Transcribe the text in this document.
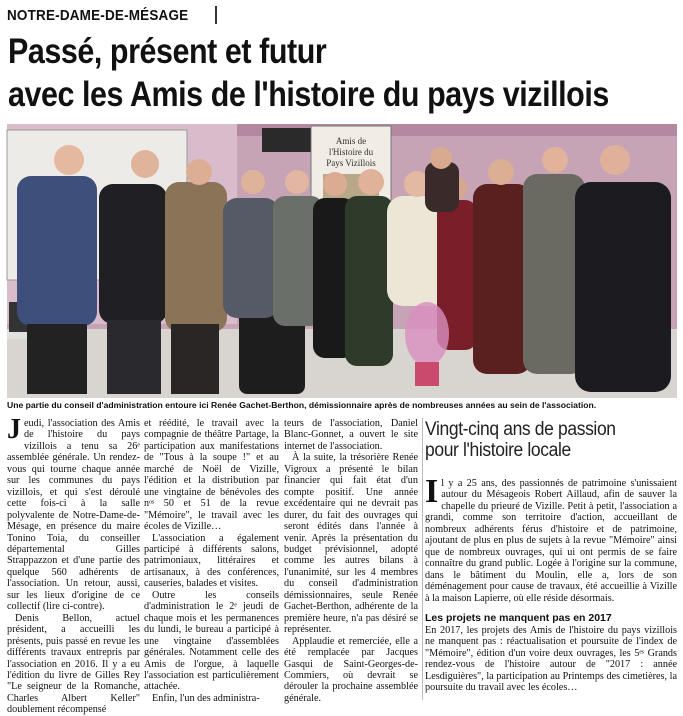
NOTRE-DAME-DE-MÉSAGE
Passé, présent et futur
avec les Amis de l'histoire du pays vizillois
Amis de
l'Histoire du
Pays Vizillois
Une partie du conseil d'administration entoure ici Renée Gachet-Berthon, démissionnaire après de nombreuses années au sein de l'association.

Jeudi, l'association des Amis de l'histoire du pays vizillois a tenu sa 26ᵉ assemblée générale. Un rendez-vous qui tourne chaque année sur les communes du pays vizillois, et qui s'est déroulé cette fois-ci à la salle polyvalente de Notre-Dame-de-Mésage, en présence du maire Tonino Toia, du conseiller départemental Gilles Strappazzon et d'une partie des quelque 560 adhérents de l'association. Un retour, aussi, sur les lieux d'origine de ce collectif (lire ci-contre).

Denis Bellon, actuel président, a accueilli les présents, puis passé en revue les différents travaux entrepris par l'association en 2016. Il y a eu l'édition du livre de Gilles Rey "Le seigneur de la Romanche, Charles Albert Keller" doublement récompensé

et réédité, le travail avec la compagnie de théâtre Partage, la participation aux manifestations de "Tous à la soupe !" et au marché de Noël de Vizille, l'édition et la distribution par une vingtaine de bénévoles des nᵒˢ 50 et 51 de la revue "Mémoire", le travail avec les écoles de Vizille…

L'association a également participé à différents salons, patrimoniaux, littéraires et artisanaux, à des conférences, causeries, balades et visites.

Outre les conseils d'administration le 2ᵉ jeudi de chaque mois et les permanences du lundi, le bureau a participé à une vingtaine d'assemblées générales. Notamment celle des Amis de l'orgue, à laquelle l'association est particulièrement attachée.

Enfin, l'un des administra-

teurs de l'association, Daniel Blanc-Gonnet, a ouvert le site internet de l'association.

À la suite, la trésorière Renée Vigroux a présenté le bilan financier qui fait état d'un compte positif. Une année excédentaire qui ne devrait pas durer, du fait des ouvrages qui seront édités dans l'année à venir. Après la présentation du budget prévisionnel, adopté comme les autres bilans à l'unanimité, sur les 4 membres du conseil d'administration démissionnaires, seule Renée Gachet-Berthon, adhérente de la première heure, n'a pas désiré se représenter.

Applaudie et remerciée, elle a été remplacée par Jacques Gasqui de Saint-Georges-de-Commiers, où devrait se dérouler la prochaine assemblée générale.

Vingt-cinq ans de passion
pour l'histoire locale

Il y a 25 ans, des passionnés de patrimoine s'unissaient autour du Mésageois Robert Aillaud, afin de sauver la chapelle du prieuré de Vizille. Petit à petit, l'association a grandi, comme son territoire d'action, accueillant de nombreux adhérents férus d'histoire et de patrimoine, ajoutant de plus en plus de sujets à la revue "Mémoire" ainsi que de nombreux ouvrages, qui ui ont permis de se faire connaître du grand public. Logée à l'origine sur la commune, dans le bâtiment du Moulin, elle a, lors de son déménagement pour cause de travaux, été accueillie à Vizille à la maison Lapierre, où elle réside désormais.

Les projets ne manquent pas en 2017
En 2017, les projets des Amis de l'histoire du pays vizillois ne manquent pas : réactualisation et poursuite de l'index de "Mémoire", édition d'un voire deux ouvrages, les 5ᵉˢ Grands rendez-vous de l'histoire autour de "2017 : année Lesdiguières", la participation au Printemps des cimetières, la poursuite du travail avec les écoles…
